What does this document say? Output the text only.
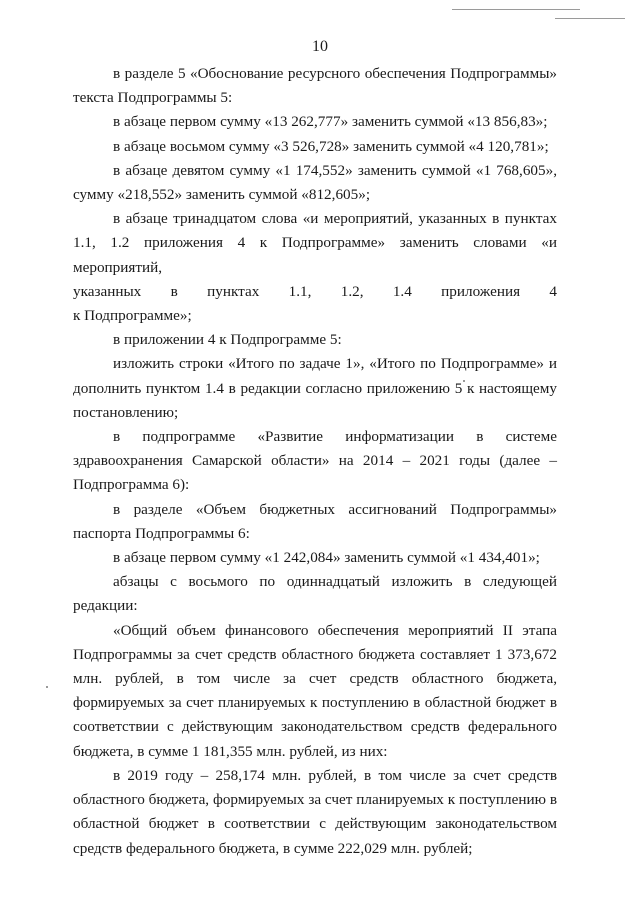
10

в разделе 5 «Обоснование ресурсного обеспечения Подпрограммы» текста Подпрограммы 5:

в абзаце первом сумму «13 262,777» заменить суммой «13 856,83»;

в абзаце восьмом сумму «3 526,728» заменить суммой «4 120,781»;

в абзаце девятом сумму «1 174,552» заменить суммой «1 768,605», сумму «218,552» заменить суммой «812,605»;

в абзаце тринадцатом слова «и мероприятий, указанных в пунктах 1.1, 1.2 приложения 4 к Подпрограмме» заменить словами «и мероприятий,

указанных в пунктах 1.1, 1.2, 1.4 приложения 4

к Подпрограмме»;

в приложении 4 к Подпрограмме 5:

изложить строки «Итого по задаче 1», «Итого по Подпрограмме» и дополнить пунктом 1.4 в редакции согласно приложению 5 к настоящему постановлению;

в подпрограмме «Развитие информатизации в системе здравоохранения Самарской области» на 2014 – 2021 годы (далее – Подпрограмма 6):

в разделе «Объем бюджетных ассигнований Подпрограммы» паспорта Подпрограммы 6:

в абзаце первом сумму «1 242,084» заменить суммой «1 434,401»;

абзацы с восьмого по одиннадцатый изложить в следующей редакции:

«Общий объем финансового обеспечения мероприятий II этапа Подпрограммы за счет средств областного бюджета составляет 1 373,672 млн. рублей, в том числе за счет средств областного бюджета, формируемых за счет планируемых к поступлению в областной бюджет в соответствии с действующим законодательством средств федерального бюджета, в сумме 1 181,355 млн. рублей, из них:

в 2019 году – 258,174 млн. рублей, в том числе за счет средств областного бюджета, формируемых за счет планируемых к поступлению в областной бюджет в соответствии с действующим законодательством средств федерального бюджета, в сумме 222,029 млн. рублей;
